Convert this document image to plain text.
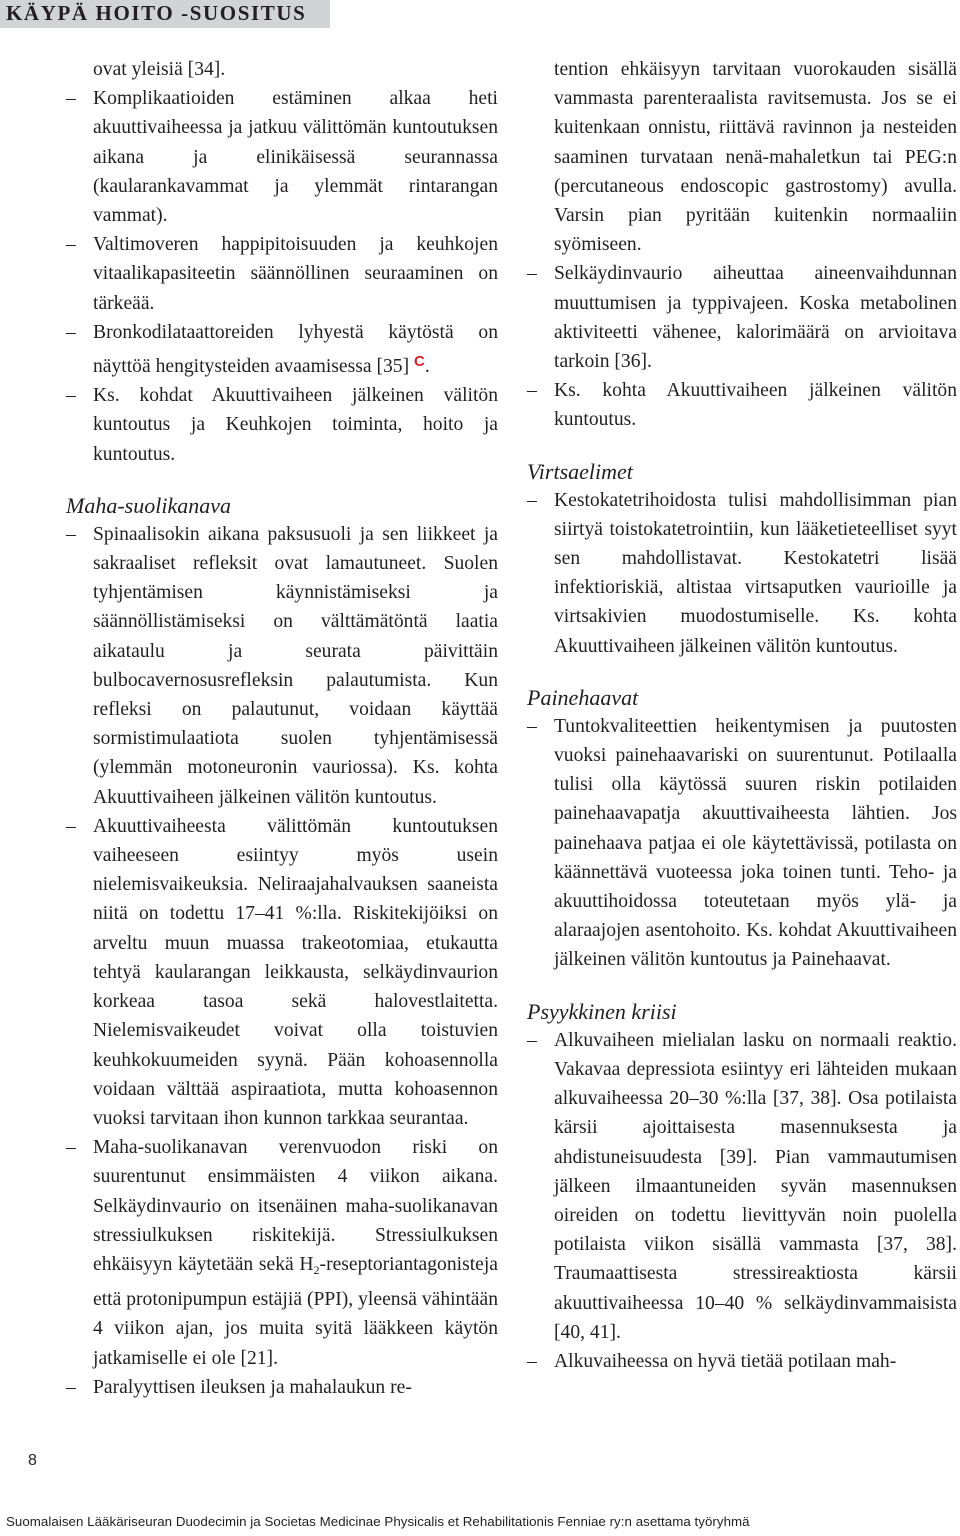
KÄYPÄ HOITO -SUOSITUS
ovat yleisiä [34].
– Komplikaatioiden estäminen alkaa heti akuuttivaiheessa ja jatkuu välittömän kuntoutuksen aikana ja elinikäisessä seurannassa (kaularankavammat ja ylemmät rintarangan vammat).
– Valtimoveren happipitoisuuden ja keuhkojen vitaalikapasiteetin säännöllinen seuraaminen on tärkeää.
– Bronkodilataattoreiden lyhyestä käytöstä on näyttöä hengitysteiden avaamisessa [35] $^C$.
– Ks. kohdat Akuuttivaiheen jälkeinen välitön kuntoutus ja Keuhkojen toiminta, hoito ja kuntoutus.
Maha-suolikanava
– Spinaalisokin aikana paksusuoli ja sen liikkeet ja sakraaliset refleksit ovat lamautuneet. Suolen tyhjentämisen käynnistämiseksi ja säännöllistämiseksi on välttämätöntä laatia aikataulu ja seurata päivittäin bulbocavernosusrefleksin palautumista. Kun refleksi on palautunut, voidaan käyttää sormistimulaatiota suolen tyhjentämisessä (ylemmän motoneuronin vauriossa). Ks. kohta Akuuttivaiheen jälkeinen välitön kuntoutus.
– Akuuttivaiheesta välittömän kuntoutuksen vaiheeseen esiintyy myös usein nielemisvaikeuksia. Neliraajahalvauksen saaneista niitä on todettu 17–41 %:lla. Riskitekijöiksi on arveltu muun muassa trakeotomiaa, etukautta tehtyä kaularangan leikkausta, selkäydinvaurion korkeaa tasoa sekä halovestlaitetta. Nielemisvaikeudet voivat olla toistuvien keuhkokuumeiden syynä. Pään kohoasennolla voidaan välttää aspiraatiota, mutta kohoasennon vuoksi tarvitaan ihon kunnon tarkkaa seurantaa.
– Maha-suolikanavan verenvuodon riski on suurentunut ensimmäisten 4 viikon aikana. Selkäydinvaurio on itsenäinen maha-suolikanavan stressiulkuksen riskitekijä. Stressiulkuksen ehkäisyyn käytetään sekä $H_2$-reseptoriantagonisteja että protonipumpun estäjiä (PPI), yleensä vähintään 4 viikon ajan, jos muita syitä lääkkeen käytön jatkamiselle ei ole [21].
– Paralyyttisen ileuksen ja mahalaukun re-
tention ehkäisyyn tarvitaan vuorokauden sisällä vammasta parenteraalista ravitsemusta. Jos se ei kuitenkaan onnistu, riittävä ravinnon ja nesteiden saaminen turvataan nenä-mahaletkun tai PEG:n (percutaneous endoscopic gastrostomy) avulla. Varsin pian pyritään kuitenkin normaaliin syömiseen.
– Selkäydinvaurio aiheuttaa aineenvaihdunnan muuttumisen ja typpivajeen. Koska metabolinen aktiviteetti vähenee, kalorimäärä on arvioitava tarkoin [36].
– Ks. kohta Akuuttivaiheen jälkeinen välitön kuntoutus.
Virtsaelimet
– Kestokatetrihoidosta tulisi mahdollisimman pian siirtyä toistokatetrointiin, kun lääketieteelliset syyt sen mahdollistavat. Kestokatetri lisää infektioriskiä, altistaa virtsaputken vaurioille ja virtsakivien muodostumiselle. Ks. kohta Akuuttivaiheen jälkeinen välitön kuntoutus.
Painehaavat
– Tuntokvaliteettien heikentymisen ja puutosten vuoksi painehaavariski on suurentunut. Potilaalla tulisi olla käytössä suuren riskin potilaiden painehaavapatja akuuttivaiheesta lähtien. Jos painehaava patjaa ei ole käytettävissä, potilasta on käännettävä vuoteessa joka toinen tunti. Teho- ja akuuttihoidossa toteutetaan myös ylä- ja alaraajojen asentohoito. Ks. kohdat Akuuttivaiheen jälkeinen välitön kuntoutus ja Painehaavat.
Psyykkinen kriisi
– Alkuvaiheen mielialan lasku on normaali reaktio. Vakavaa depressiota esiintyy eri lähteiden mukaan alkuvaiheessa 20–30 %:lla [37, 38]. Osa potilaista kärsii ajoittaisesta masennuksesta ja ahdistuneisuudesta [39]. Pian vammautumisen jälkeen ilmaantuneiden syvän masennuksen oireiden on todettu lievittyvän noin puolella potilaista viikon sisällä vammasta [37, 38]. Traumaattisesta stressireaktiosta kärsii akuuttivaiheessa 10–40 % selkäydinvammaisista [40, 41].
– Alkuvaiheessa on hyvä tietää potilaan mah-
8
Suomalaisen Lääkäriseuran Duodecimin ja Societas Medicinae Physicalis et Rehabilitationis Fenniae ry:n asettama työryhmä
